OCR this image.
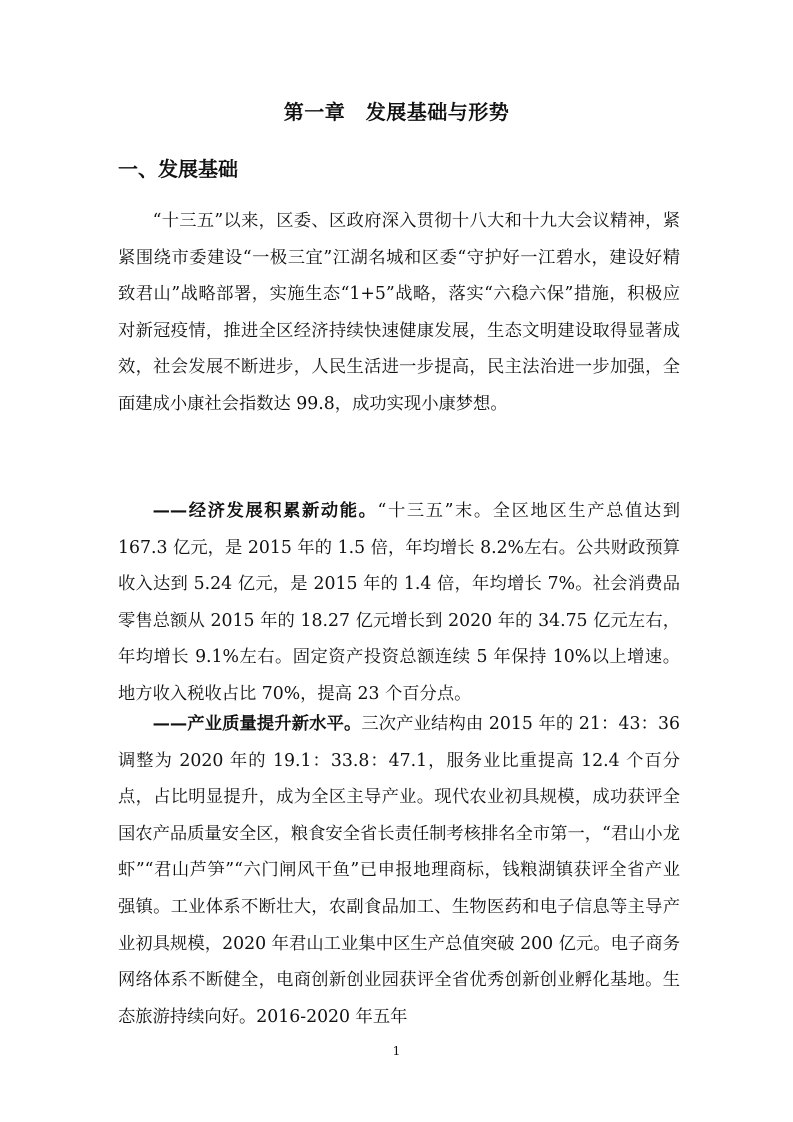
第一章　发展基础与形势
一、发展基础

“十三五”以来，区委、区政府深入贯彻十八大和十九大会议精神，紧紧围绕市委建设“一极三宜”江湖名城和区委“守护好一江碧水，建设好精致君山”战略部署，实施生态“1+5”战略，落实“六稳六保”措施，积极应对新冠疫情，推进全区经济持续快速健康发展，生态文明建设取得显著成效，社会发展不断进步，人民生活进一步提高，民主法治进一步加强，全面建成小康社会指数达 99.8，成功实现小康梦想。

——经济发展积累新动能。“十三五”末。全区地区生产总值达到 167.3 亿元，是 2015 年的 1.5 倍，年均增长 8.2%左右。公共财政预算收入达到 5.24 亿元，是 2015 年的 1.4 倍，年均增长 7%。社会消费品零售总额从 2015 年的 18.27 亿元增长到 2020 年的 34.75 亿元左右，年均增长 9.1%左右。固定资产投资总额连续 5 年保持 10%以上增速。地方收入税收占比 70%，提高 23 个百分点。

——产业质量提升新水平。三次产业结构由 2015 年的 21：43：36 调整为 2020 年的 19.1：33.8：47.1，服务业比重提高 12.4 个百分点，占比明显提升，成为全区主导产业。现代农业初具规模，成功获评全国农产品质量安全区，粮食安全省长责任制考核排名全市第一，“君山小龙虾”“君山芦笋”“六门闸风干鱼”已申报地理商标，钱粮湖镇获评全省产业强镇。工业体系不断壮大，农副食品加工、生物医药和电子信息等主导产业初具规模，2020 年君山工业集中区生产总值突破 200 亿元。电子商务网络体系不断健全，电商创新创业园获评全省优秀创新创业孵化基地。生态旅游持续向好。2016-2020 年五年

1
